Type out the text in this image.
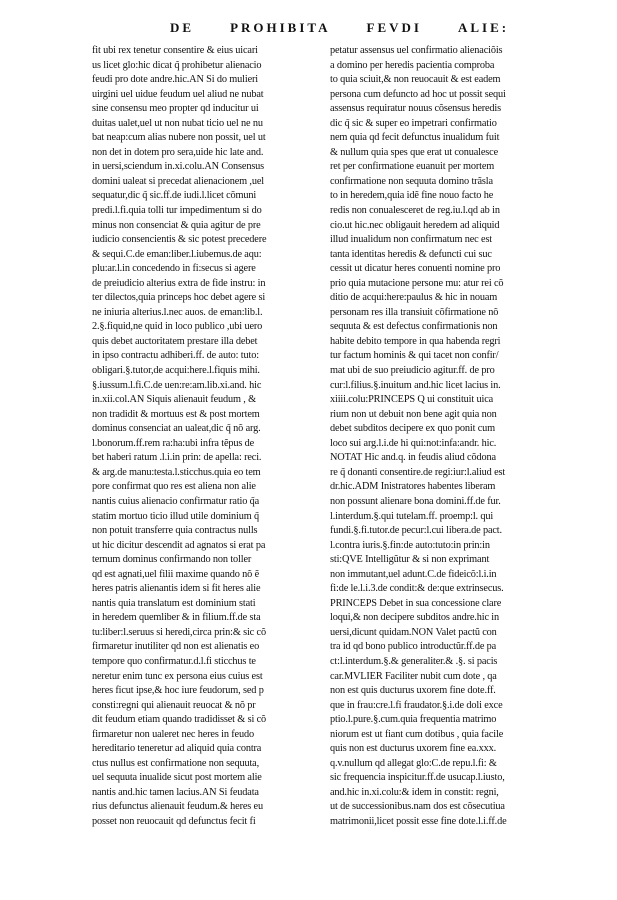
DE	PROHIBITA	FEVDI	ALIE:
fit ubi rex tenetur consentire & eius uicari
us licet glo:hic dicat q̃ prohibetur alienacio
feudi pro dote andre.hic.AN Si do mulieri
uirgini uel uidue feudum uel aliud ne nubat
sine consensu meo propter qd inducitur ui
duitas ualet,uel ut non nubat ticio uel ne nu
bat neap:cum alias nubere non possit, uel ut
non det in dotem pro sera,uide hic late and.
in uersi,sciendum in.xi.colu.AN Consensus
domini ualeat si precedat alienacionem ,uel
sequatur,dic q̃ sic.ff.de iudi.l.licet cõmuni
predi.l.fi.quia tolli tur impedimentum si do
minus non consenciat & quia agitur de pre
iudicio consencientis & sic potest precedere
& sequi.C.de eman:liber.l.iubemus.de aqu:
plu:ar.l.in concedendo in fi:secus si agere
de preiudicio alterius extra de fide instru: in
ter dilectos,quia princeps hoc debet agere si
ne iniuria alterius.l.nec auos. de eman:lib.l.
2.§.fiquid,ne quid in loco publico ,ubi uero
quis debet auctoritatem prestare illa debet
in ipso contractu adhiberi.ff. de auto: tuto:
obligari.§.tutor,de acqui:here.l.fiquis mihi.
§.iussum.l.fi.C.de uen:re:am.lib.xi.and. hic
in.xii.col.AN Siquis alienauit feudum , &
non tradidit & mortuus est & post mortem
dominus consenciat an ualeat,dic q̃ nõ arg.
l.bonorum.ff.rem ra:ha:ubi infra tẽpus de
bet haberi ratum .l.i.in prin: de apella: reci.
& arg.de manu:testa.l.sticchus.quia eo tem
pore confirmat quo res est aliena non alie
nantis cuius alienacio confirmatur ratio q̃a
statim mortuo ticio illud utile dominium q̃
non potuit transferre quia contractus nulls
ut hic dicitur descendit ad agnatos si erat pa
ternum dominus confirmando non toller
qd est agnati,uel filii maxime quando nõ ẽ
heres patris alienantis idem si fit heres alie
nantis quia translatum est dominium stati
in heredem quemliber & in filium.ff.de sta
tu:liber:l.seruus si heredi,circa prin:& sic cõ
firmaretur inutiliter qd non est alienatis eo
tempore quo confirmatur.d.l.fi sticchus te
neretur enim tunc ex persona eius cuius est
heres ficut ipse,& hoc iure feudorum, sed p
consti:regni qui alienauit reuocat & nõ pr
dit feudum etiam quando tradidisset & si cõ
firmaretur non ualeret nec heres in feudo
hereditario teneretur ad aliquid quia contra
ctus nullus est confirmatione non sequuta,
uel sequuta inualide sicut post mortem alie
nantis and.hic tamen lacius.AN Si feudata
rius defunctus alienauit feudum.& heres eu
posset non reuocauit qd defunctus fecit fi
petatur assensus uel confirmatio alienaciõis
a domino per heredis pacientia comproba
to quia sciuit,& non reuocauit & est eadem
persona cum defuncto ad hoc ut possit sequi
assensus requiratur nouus cõsensus heredis
dic q̃ sic & super eo impetrari confirmatio
nem quia qd fecit defunctus inualidum fuit
& nullum quia spes que erat ut conualesce
ret per confirmatione euanuit per mortem
confirmatione non sequuta domino trãsla
to in heredem,quia idẽ fine nouo facto he
redis non conualesceret de reg.iu.l.qd ab in
cio.ut hic.nec obligauit heredem ad aliquid
illud inualidum non confirmatum nec est
tanta identitas heredis & defuncti cui suc
cessit ut dicatur heres conuenti nomine pro
prio quia mutacione persone mu: atur rei cõ
ditio de acqui:here:paulus & hic in nouam
personam res illa transiuit cõfirmatione nõ
sequuta & est defectus confirmationis non
habite debito tempore in qua habenda regri
tur factum hominis & qui tacet non confir/
mat ubi de suo preiudicio agitur.ff. de pro
cur:l.filius.§.inuitum and.hic licet lacius in.
xiiii.colu:PRINCEPS Q ui constituit uica
rium non ut debuit non bene agit quia non
debet subditos decipere ex quo ponit cum
loco sui arg.l.i.de hi qui:not:infa:andr. hic.
NOTAT Hic and.q. in feudis aliud cõdona
re q̃ donanti consentire.de regi:iur:l.aliud est
dr.hic.ADM Inistratores habentes liberam
non possunt alienare bona domini.ff.de fur.
l.interdum.§.qui tutelam.ff. proemp:l. qui
fundi.§.fi.tutor.de pecur:l.cui libera.de pact.
l.contra iuris.§.fin:de auto:tuto:in prin:in
sti:QVE Intelligũtur & si non exprimant
non immutant,uel adunt.C.de fideicõ:l.i.in
fi:de le.l.i.3.de condit:& de:que extrinsecus.
PRINCEPS Debet in sua concessione clare
loqui,& non decipere subditos andre.hic in
uersi,dicunt quidam.NON Valet pactũ con
tra id qd bono publico introductũr.ff.de pa
ct:l.interdum.§.& generaliter.& .§. si pacis
car.MVLIER Faciliter nubit cum dote , qa
non est quis ducturus uxorem fine dote.ff.
que in frau:cre.l.fi fraudator.§.i.de doli exce
ptio.l.pure.§.cum.quia frequentia matrimo
niorum est ut fiant cum dotibus , quia facile
quis non est ducturus uxorem fine ea.xxx.
q.v.nullum qd allegat glo:C.de repu.l.fi: &
sic frequencia inspicitur.ff.de usucap.l.iusto,
and.hic in.xi.colu:& idem in constit: regni,
ut de successionibus.nam dos est cõsecutiua
matrimonii,licet possit esse fine dote.l.i.ff.de
